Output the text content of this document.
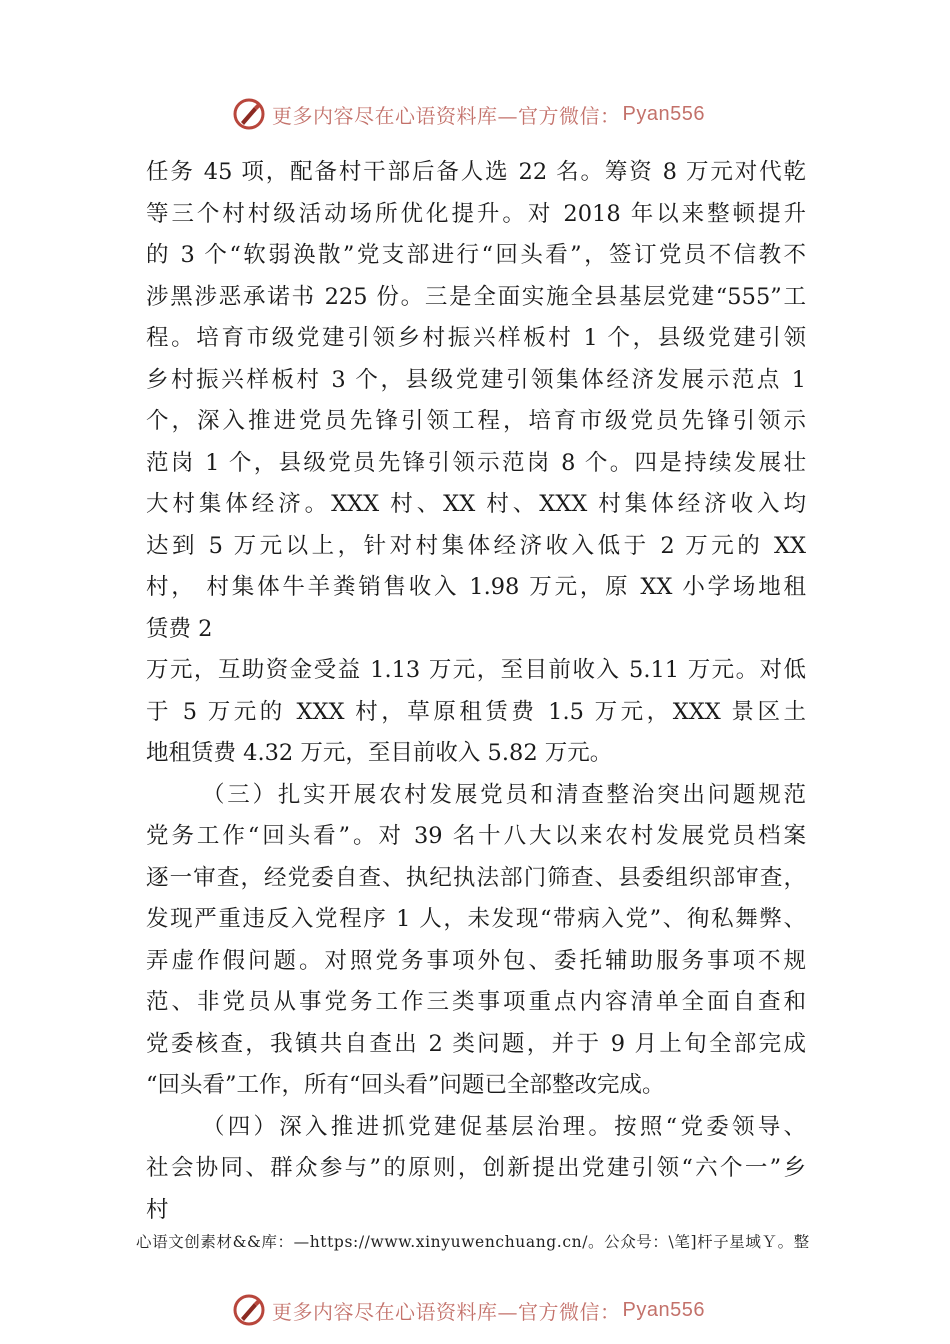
更多内容尽在心语资料库—官方微信： Pyan556
任务 45 项，配备村干部后备人选 22 名。筹资 8 万元对代乾
等三个村村级活动场所优化提升。对 2018 年以来整顿提升
的 3 个“软弱涣散”党支部进行“回头看”，签订党员不信教不
涉黑涉恶承诺书 225 份。三是全面实施全县基层党建“555”工
程。培育市级党建引领乡村振兴样板村 1 个，县级党建引领
乡村振兴样板村 3 个，县级党建引领集体经济发展示范点 1
个，深入推进党员先锋引领工程，培育市级党员先锋引领示
范岗 1 个，县级党员先锋引领示范岗 8 个。四是持续发展壮
大村集体经济。XXX 村、XX 村、XXX 村集体经济收入均
达到 5 万元以上，针对村集体经济收入低于 2 万元的 XX
村， 村集体牛羊粪销售收入 1.98 万元，原 XX 小学场地租
赁费 2
万元，互助资金受益 1.13 万元，至目前收入 5.11 万元。对低
于 5 万元的 XXX 村，草原租赁费 1.5 万元，XXX 景区土
地租赁费 4.32 万元，至目前收入 5.82 万元。
（三）扎实开展农村发展党员和清查整治突出问题规范
党务工作“回头看”。对 39 名十八大以来农村发展党员档案
逐一审查，经党委自查、执纪执法部门筛查、县委组织部审查，
发现严重违反入党程序 1 人，未发现“带病入党”、徇私舞弊、
弄虚作假问题。对照党务事项外包、委托辅助服务事项不规
范、非党员从事党务工作三类事项重点内容清单全面自查和
党委核查，我镇共自查出 2 类问题，并于 9 月上旬全部完成
“回头看”工作，所有“回头看”问题已全部整改完成。
（四）深入推进抓党建促基层治理。按照“党委领导、
社会协同、群众参与”的原则，创新提出党建引领“六个一”乡
村
心语文创素材&&库：—https://www.xinyuwenchuang.cn/。公众号：\笔]杆子星域Ｙ。整
更多内容尽在心语资料库—官方微信： Pyan556
